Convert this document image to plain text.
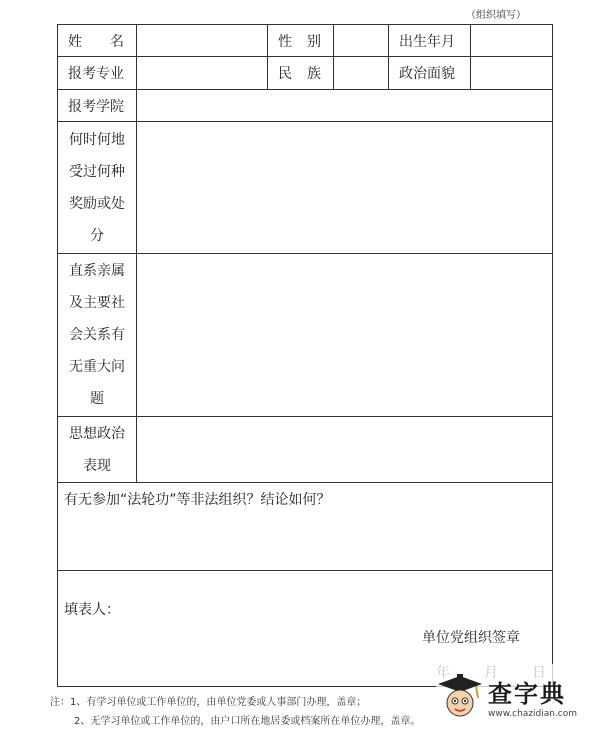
（组织填写）
姓 名		性 别		出生年月	
报考专业		民 族		政治面貌	
报考学院					

何时何地
受过何种
奖励或处
分					

直系亲属
及主要社
会关系有
无重大问
题					

思想政治
表现					

有无参加“法轮功”等非法组织？结论如何？					

填表人：
单位党组织签章					
注：1、有学习单位或工作单位的，由单位党委或人事部门办理，盖章；
2、无学习单位或工作单位的，由户口所在地居委或档案所在单位办理，盖章。
查字典
www.chazidian.com
